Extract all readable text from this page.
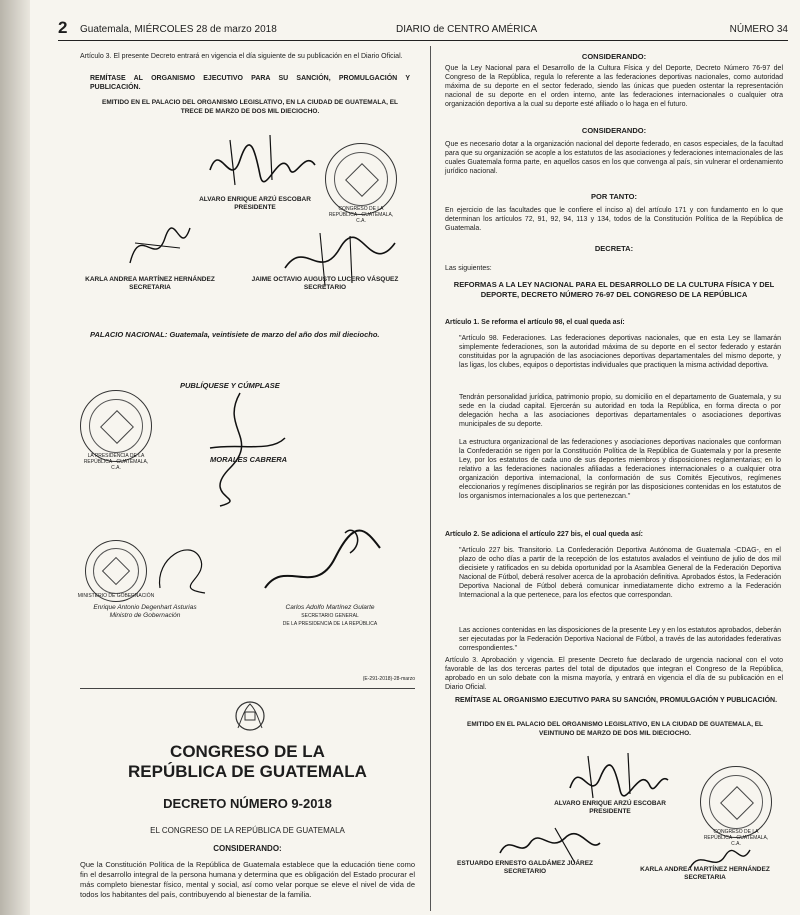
2 Guatemala, MIÉRCOLES 28 de marzo 2018	DIARIO de CENTRO AMÉRICA	NÚMERO 34

Artículo 3. El presente Decreto entrará en vigencia el día siguiente de su publicación en el Diario Oficial.

REMÍTASE AL ORGANISMO EJECUTIVO PARA SU SANCIÓN, PROMULGACIÓN Y PUBLICACIÓN.

EMITIDO EN EL PALACIO DEL ORGANISMO LEGISLATIVO, EN LA CIUDAD DE GUATEMALA, EL TRECE DE MARZO DE DOS MIL DIECIOCHO.

CONGRESO DE LA REPÚBLICA · GUATEMALA, C.A.
ALVARO ENRIQUE ARZÚ ESCOBAR
PRESIDENTE
KARLA ANDREA MARTÍNEZ HERNÁNDEZ
SECRETARIA
JAIME OCTAVIO AUGUSTO LUCERO VÁSQUEZ
SECRETARIO

PALACIO NACIONAL: Guatemala, veintisiete de marzo del año dos mil dieciocho.

PUBLÍQUESE Y CÚMPLASE

LA PRESIDENCIA DE LA REPÚBLICA · GUATEMALA, C.A.

MORALES CABRERA

MINISTERIO DE GOBERNACIÓN
Enrique Antonio Degenhart Asturias
Ministro de Gobernación
Carlos Adolfo Martínez Gularte
SECRETARIO GENERAL
DE LA PRESIDENCIA DE LA REPÚBLICA

(E-291-2018)-28-marzo

CONGRESO DE LA

REPÚBLICA DE GUATEMALA

DECRETO NÚMERO 9-2018

EL CONGRESO DE LA REPÚBLICA DE GUATEMALA

CONSIDERANDO:

Que la Constitución Política de la República de Guatemala establece que la educación tiene como fin el desarrollo integral de la persona humana y determina que es obligación del Estado procurar el más completo bienestar físico, mental y social, así como velar porque se eleve el nivel de vida de todos los habitantes del país, contribuyendo al bienestar de la familia.

CONSIDERANDO:

Que la Ley Nacional para el Desarrollo de la Cultura Física y del Deporte, Decreto Número 76-97 del Congreso de la República, regula lo referente a las federaciones deportivas nacionales, como autoridad máxima de su deporte en el sector federado, siendo las únicas que pueden ostentar la representación nacional de su deporte en el orden interno, ante las federaciones internacionales o cualquier otra organización deportiva a la cual su deporte esté afiliado o lo haga en el futuro.

CONSIDERANDO:

Que es necesario dotar a la organización nacional del deporte federado, en casos especiales, de la facultad para que su organización se acople a los estatutos de las asociaciones y federaciones internacionales de las cuales Guatemala forma parte, en aquellos casos en los que convenga al país, sin vulnerar el ordenamiento jurídico nacional.

POR TANTO:

En ejercicio de las facultades que le confiere el inciso a) del artículo 171 y con fundamento en lo que determinan los artículos 72, 91, 92, 94, 113 y 134, todos de la Constitución Política de la República de Guatemala.

DECRETA:

Las siguientes:

REFORMAS A LA LEY NACIONAL PARA EL DESARROLLO DE LA CULTURA FÍSICA Y DEL DEPORTE, DECRETO NÚMERO 76-97 DEL CONGRESO DE LA REPÚBLICA

Artículo 1. Se reforma el artículo 98, el cual queda así:

"Artículo 98. Federaciones. Las federaciones deportivas nacionales, que en esta Ley se llamarán simplemente federaciones, son la autoridad máxima de su deporte en el sector federado y estarán constituidas por la agrupación de las asociaciones deportivas departamentales del mismo deporte, y las ligas, los clubes, equipos o deportistas individuales que practiquen la misma actividad deportiva.

Tendrán personalidad jurídica, patrimonio propio, su domicilio en el departamento de Guatemala, y su sede en la ciudad capital. Ejercerán su autoridad en toda la República, en forma directa o por delegación hecha a las asociaciones deportivas departamentales o asociaciones deportivas municipales de su deporte.

La estructura organizacional de las federaciones y asociaciones deportivas nacionales que conforman la Confederación se rigen por la Constitución Política de la República de Guatemala y por la presente Ley, por los estatutos de cada uno de sus deportes miembros y disposiciones reglamentarias; en lo relativo a las federaciones nacionales afiliadas a federaciones internacionales o a cualquier otra organización deportiva internacional, la conformación de sus Comités Ejecutivos, regímenes eleccionarios y regímenes disciplinarios se regirán por las disposiciones contenidas en los estatutos de los organismos internacionales a los que pertenezcan."

Artículo 2. Se adiciona el artículo 227 bis, el cual queda así:

"Artículo 227 bis. Transitorio. La Confederación Deportiva Autónoma de Guatemala -CDAG-, en el plazo de ocho días a partir de la recepción de los estatutos avalados el veintiuno de julio de dos mil diecisiete y ratificados en su debida oportunidad por la Asamblea General de la Federación Deportiva Nacional de Fútbol, deberá resolver acerca de la aprobación definitiva. Aprobados éstos, la Federación Deportiva Nacional de Fútbol deberá comunicar inmediatamente dicho extremo a la Federación Internacional a la que pertenece, para los efectos que correspondan.

Las acciones contenidas en las disposiciones de la presente Ley y en los estatutos aprobados, deberán ser ejecutadas por la Federación Deportiva Nacional de Fútbol, a través de las autoridades federativas correspondientes."

Artículo 3. Aprobación y vigencia. El presente Decreto fue declarado de urgencia nacional con el voto favorable de las dos terceras partes del total de diputados que integran el Congreso de la República, aprobado en un solo debate con la misma mayoría, y entrará en vigencia el día de su publicación en el Diario Oficial.

REMÍTASE AL ORGANISMO EJECUTIVO PARA SU SANCIÓN, PROMULGACIÓN Y PUBLICACIÓN.

EMITIDO EN EL PALACIO DEL ORGANISMO LEGISLATIVO, EN LA CIUDAD DE GUATEMALA, EL VEINTIUNO DE MARZO DE DOS MIL DIECIOCHO.

CONGRESO DE LA REPÚBLICA · GUATEMALA, C.A.
ALVARO ENRIQUE ARZÚ ESCOBAR
PRESIDENTE
ESTUARDO ERNESTO GALDÁMEZ JUÁREZ
SECRETARIO	KARLA ANDREA MARTÍNEZ HERNÁNDEZ
SECRETARIA
